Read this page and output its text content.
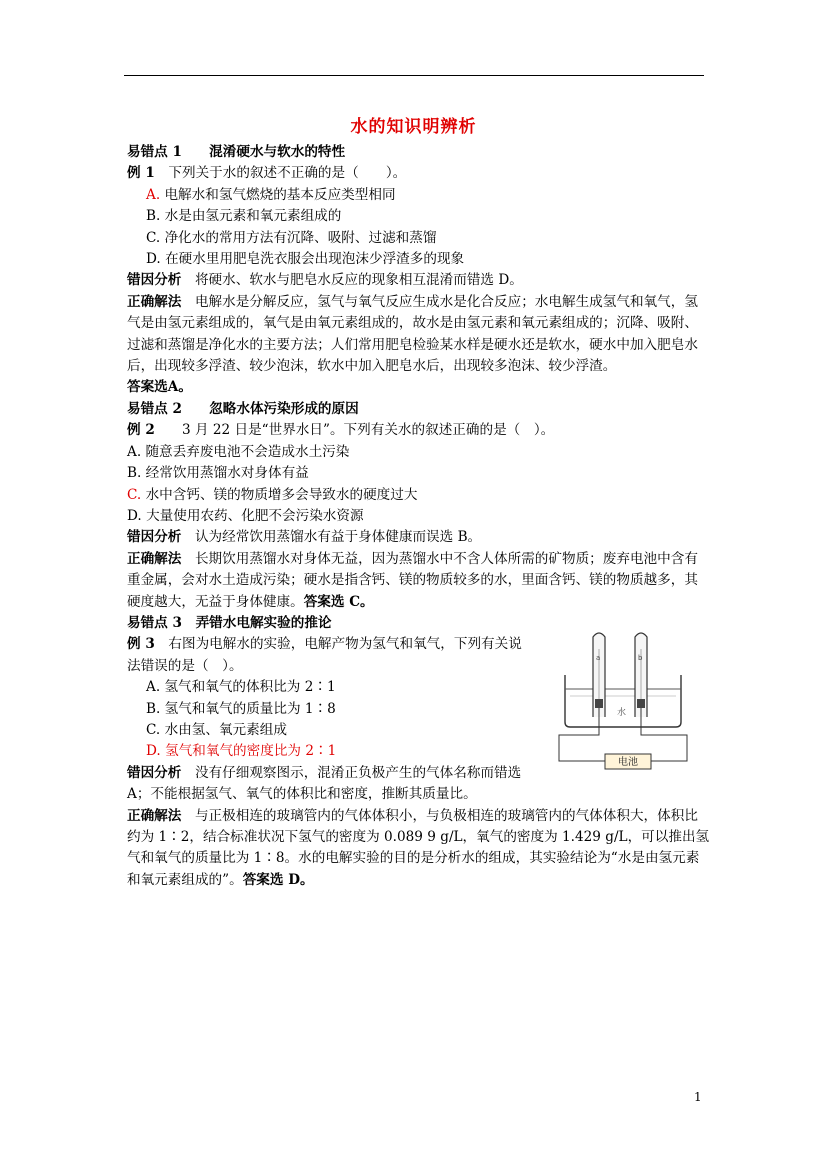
水的知识明辨析

易错点 1　　混淆硬水与软水的特性

例 1　 下列关于水的叙述不正确的是（　　）。

A. 电解水和氢气燃烧的基本反应类型相同

B. 水是由氢元素和氧元素组成的

C. 净化水的常用方法有沉降、吸附、过滤和蒸馏

D. 在硬水里用肥皂洗衣服会出现泡沫少浮渣多的现象

错因分析　 将硬水、软水与肥皂水反应的现象相互混淆而错选 D。

正确解法　 电解水是分解反应，氢气与氧气反应生成水是化合反应；水电解生成氢气和氧气，氢气是由氢元素组成的，氧气是由氧元素组成的，故水是由氢元素和氧元素组成的；沉降、吸附、过滤和蒸馏是净化水的主要方法；人们常用肥皂检验某水样是硬水还是软水，硬水中加入肥皂水后，出现较多浮渣、较少泡沫，软水中加入肥皂水后，出现较多泡沫、较少浮渣。

答案选A。

易错点 2　　忽略水体污染形成的原因

例 2　　3 月 22 日是“世界水日”。下列有关水的叙述正确的是（　）。

A. 随意丢弃废电池不会造成水土污染

B. 经常饮用蒸馏水对身体有益

C. 水中含钙、镁的物质增多会导致水的硬度过大

D. 大量使用农药、化肥不会污染水资源

错因分析　 认为经常饮用蒸馏水有益于身体健康而误选 B。

正确解法　 长期饮用蒸馏水对身体无益，因为蒸馏水中不含人体所需的矿物质；废弃电池中含有重金属，会对水土造成污染；硬水是指含钙、镁的物质较多的水，里面含钙、镁的物质越多，其硬度越大，无益于身体健康。答案选 C。

易错点 3　弄错水电解实验的推论

例 3　 右图为电解水的实验，电解产物为氢气和氧气，下列有关说法错误的是（　）。

A. 氢气和氧气的体积比为 2∶1

B. 氢气和氧气的质量比为 1∶8

C. 水由氢、氧元素组成

D. 氢气和氧气的密度比为 2∶1

错因分析　 没有仔细观察图示，混淆正负极产生的气体名称而错选 A；不能根据氢气、氧气的体积比和密度，推断其质量比。

正确解法　 与正极相连的玻璃管内的气体体积小，与负极相连的玻璃管内的气体体积大，体积比约为 1∶2，结合标准状况下氢气的密度为 0.089 9 g/L，氧气的密度为 1.429 g/L，可以推出氢气和氧气的质量比为 1∶8。水的电解实验的目的是分析水的组成，其实验结论为“水是由氢元素和氧元素组成的”。答案选 D。

a	b
水
电池
1
